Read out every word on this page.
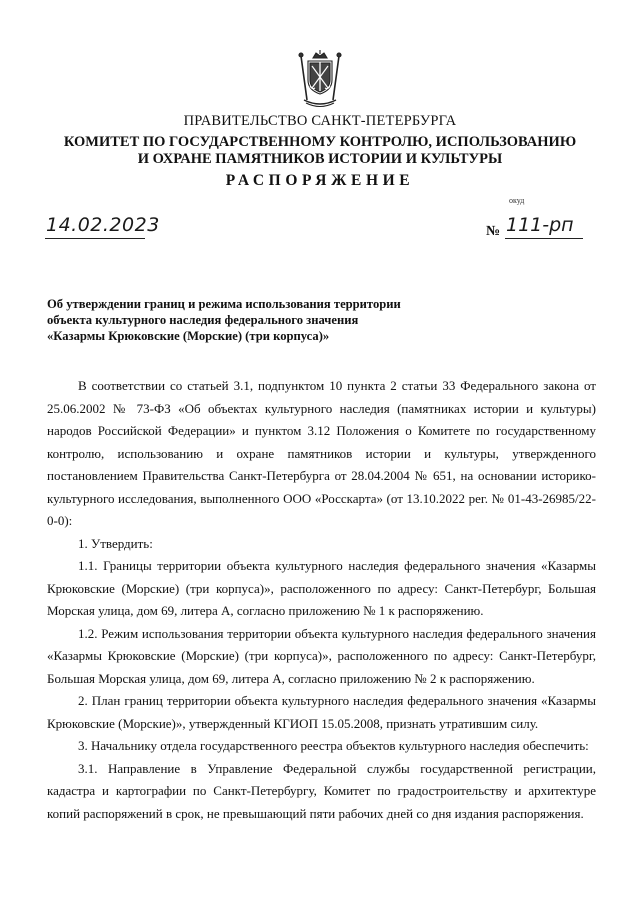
ПРАВИТЕЛЬСТВО САНКТ-ПЕТЕРБУРГА
КОМИТЕТ ПО ГОСУДАРСТВЕННОМУ КОНТРОЛЮ, ИСПОЛЬЗОВАНИЮ
И ОХРАНЕ ПАМЯТНИКОВ ИСТОРИИ И КУЛЬТУРЫ
РАСПОРЯЖЕНИЕ
окуд
14.02.2023	№ 111-рп
Об утверждении границ и режима использования территории
объекта культурного наследия федерального значения
«Казармы Крюковские (Морские) (три корпуса)»

В соответствии со статьей 3.1, подпунктом 10 пункта 2 статьи 33 Федерального закона от 25.06.2002 № 73-ФЗ «Об объектах культурного наследия (памятниках истории и культуры) народов Российской Федерации» и пунктом 3.12 Положения о Комитете по государственному контролю, использованию и охране памятников истории и культуры, утвержденного постановлением Правительства Санкт-Петербурга от 28.04.2004 № 651, на основании историко-культурного исследования, выполненного ООО «Росскарта» (от 13.10.2022 рег. № 01-43-26985/22-0-0):

1. Утвердить:

1.1. Границы территории объекта культурного наследия федерального значения «Казармы Крюковские (Морские) (три корпуса)», расположенного по адресу: Санкт-Петербург, Большая Морская улица, дом 69, литера А, согласно приложению № 1 к распоряжению.

1.2. Режим использования территории объекта культурного наследия федерального значения «Казармы Крюковские (Морские) (три корпуса)», расположенного по адресу: Санкт-Петербург, Большая Морская улица, дом 69, литера А, согласно приложению № 2 к распоряжению.

2. План границ территории объекта культурного наследия федерального значения «Казармы Крюковские (Морские)», утвержденный КГИОП 15.05.2008, признать утратившим силу.

3. Начальнику отдела государственного реестра объектов культурного наследия обеспечить:

3.1. Направление в Управление Федеральной службы государственной регистрации, кадастра и картографии по Санкт-Петербургу, Комитет по градостроительству и архитектуре копий распоряжений в срок, не превышающий пяти рабочих дней со дня издания распоряжения.
